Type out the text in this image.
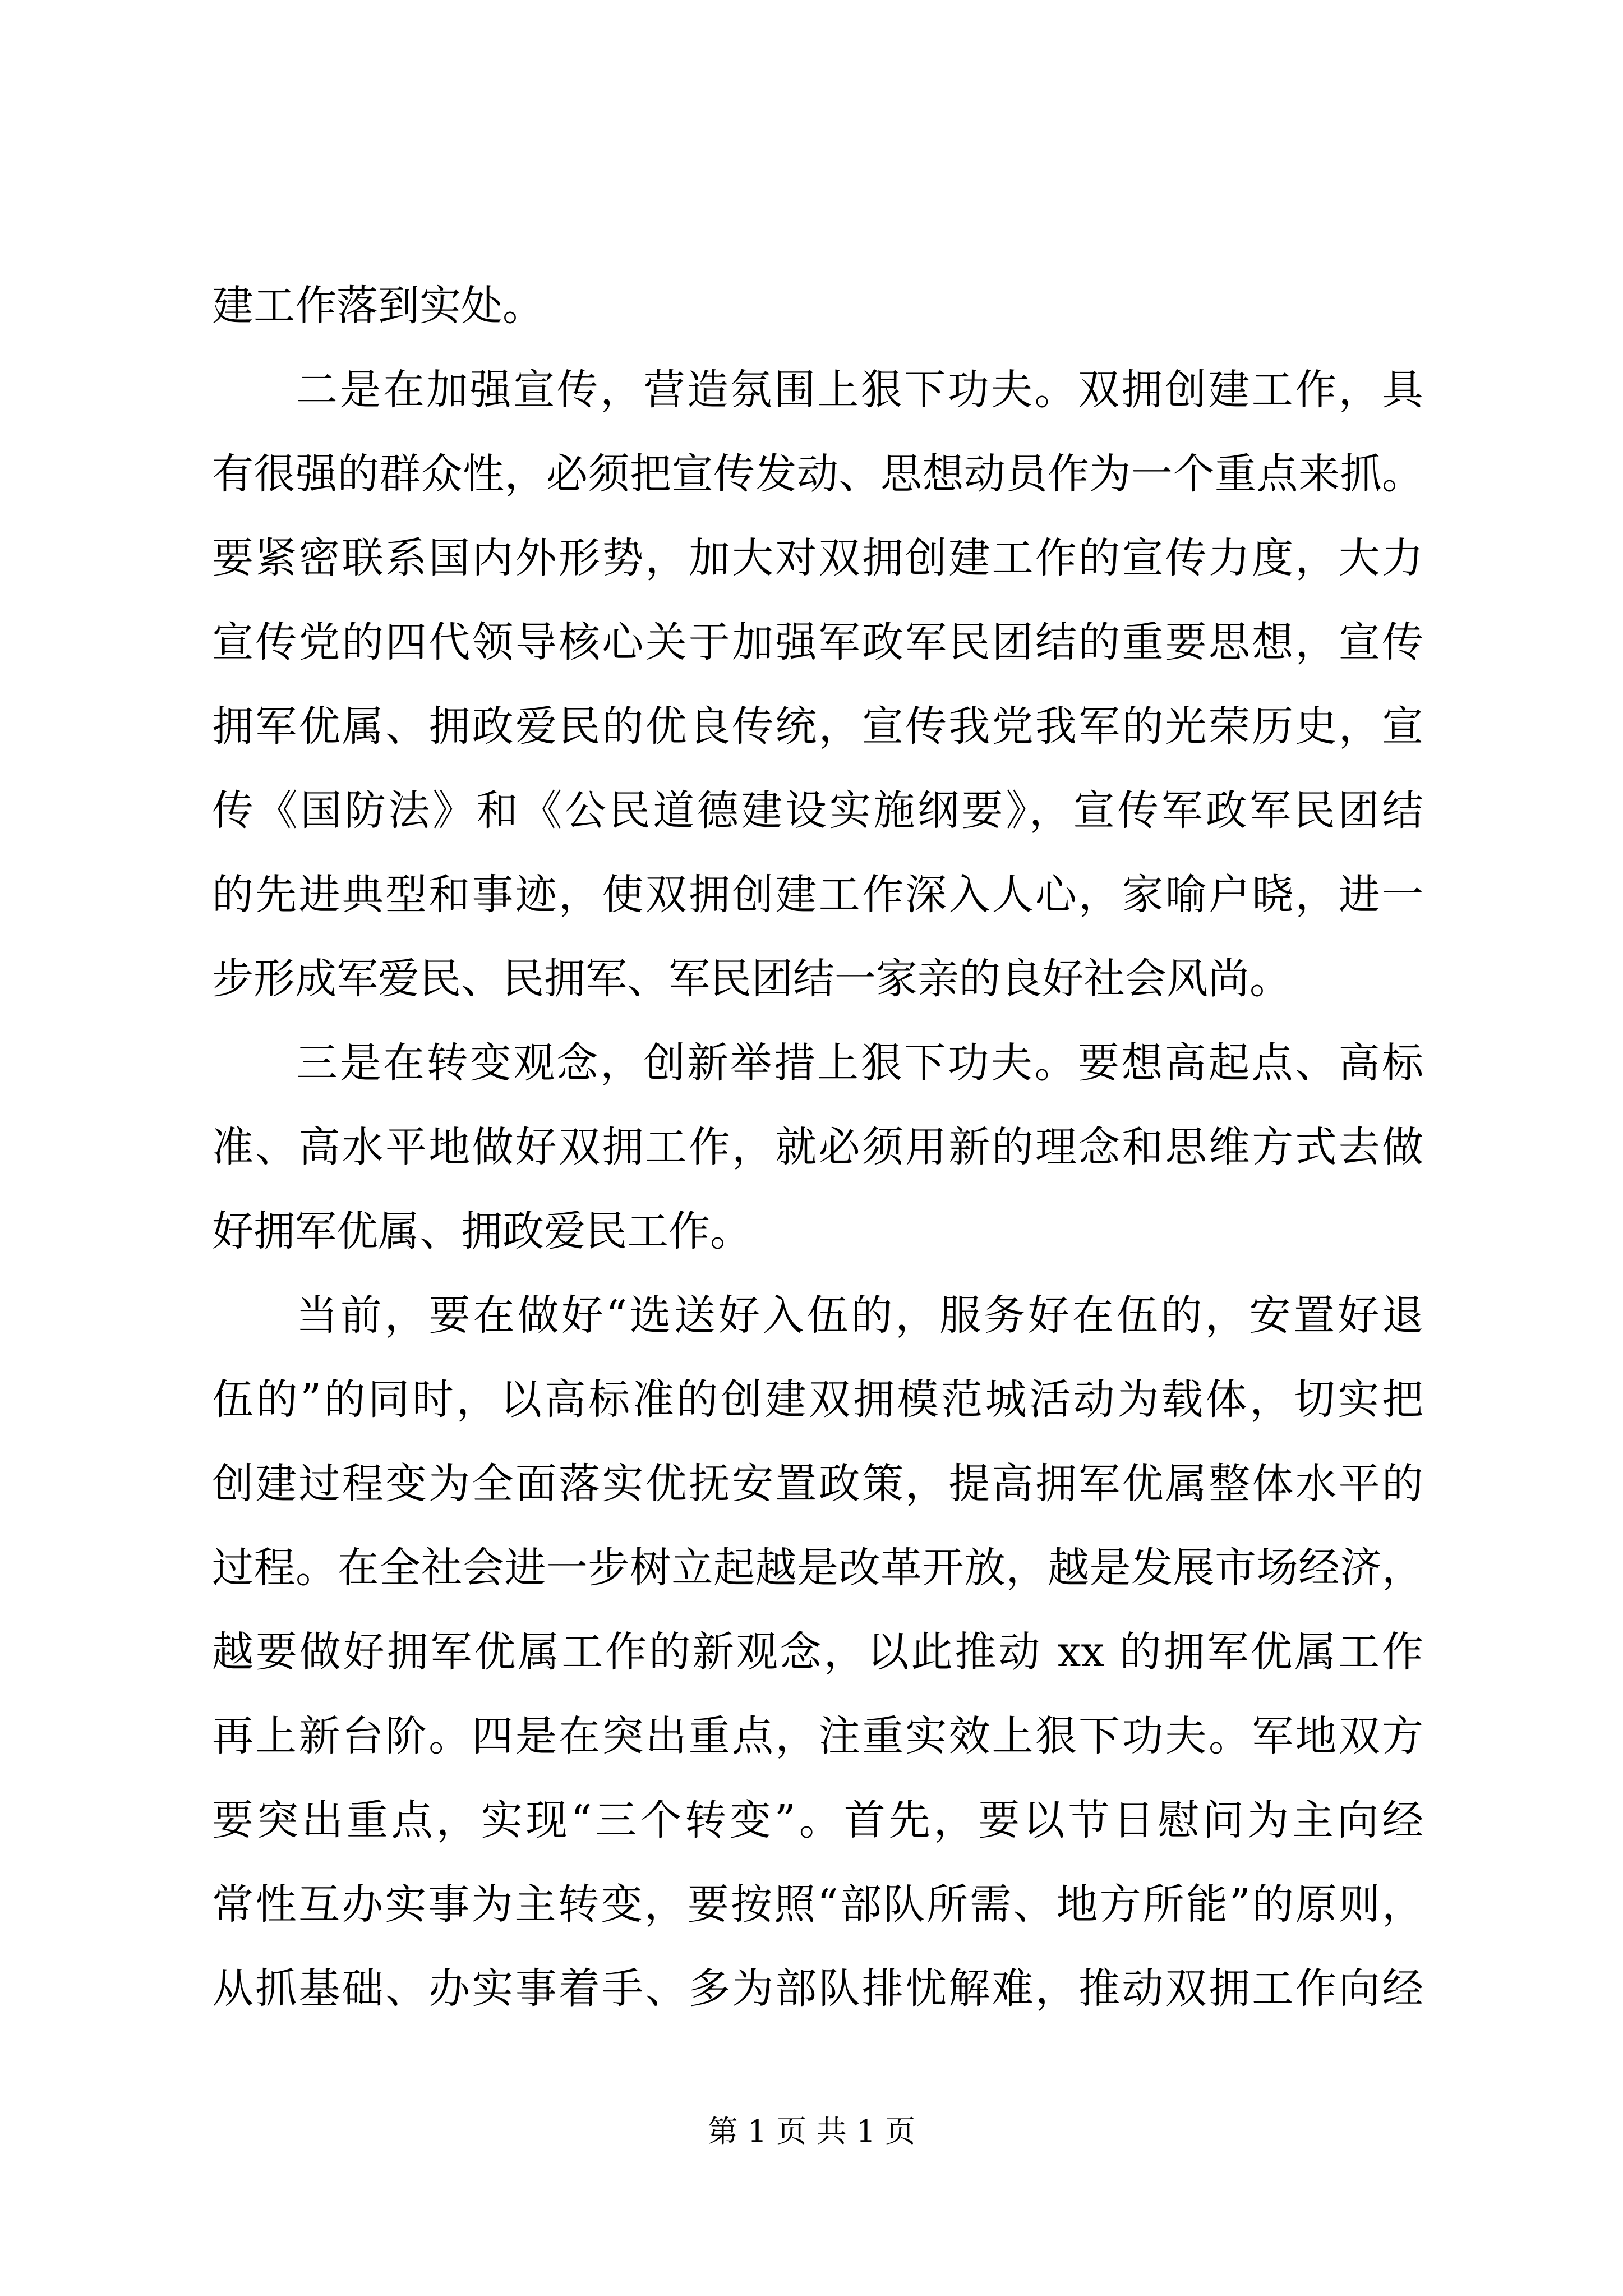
建工作落到实处。
二是在加强宣传，营造氛围上狠下功夫。双拥创建工作，具
有很强的群众性，必须把宣传发动、思想动员作为一个重点来抓。
要紧密联系国内外形势，加大对双拥创建工作的宣传力度，大力
宣传党的四代领导核心关于加强军政军民团结的重要思想，宣传
拥军优属、拥政爱民的优良传统，宣传我党我军的光荣历史，宣
传《国防法》和《公民道德建设实施纲要》，宣传军政军民团结
的先进典型和事迹，使双拥创建工作深入人心，家喻户晓，进一
步形成军爱民、民拥军、军民团结一家亲的良好社会风尚。
三是在转变观念，创新举措上狠下功夫。要想高起点、高标
准、高水平地做好双拥工作，就必须用新的理念和思维方式去做
好拥军优属、拥政爱民工作。
当前，要在做好“选送好入伍的，服务好在伍的，安置好退
伍的”的同时，以高标准的创建双拥模范城活动为载体，切实把
创建过程变为全面落实优抚安置政策，提高拥军优属整体水平的
过程。在全社会进一步树立起越是改革开放，越是发展市场经济，
越要做好拥军优属工作的新观念，以此推动 xx 的拥军优属工作
再上新台阶。四是在突出重点，注重实效上狠下功夫。军地双方
要突出重点，实现“三个转变”。首先，要以节日慰问为主向经
常性互办实事为主转变，要按照“部队所需、地方所能”的原则，
从抓基础、办实事着手、多为部队排忧解难，推动双拥工作向经
第 1 页 共 1 页
